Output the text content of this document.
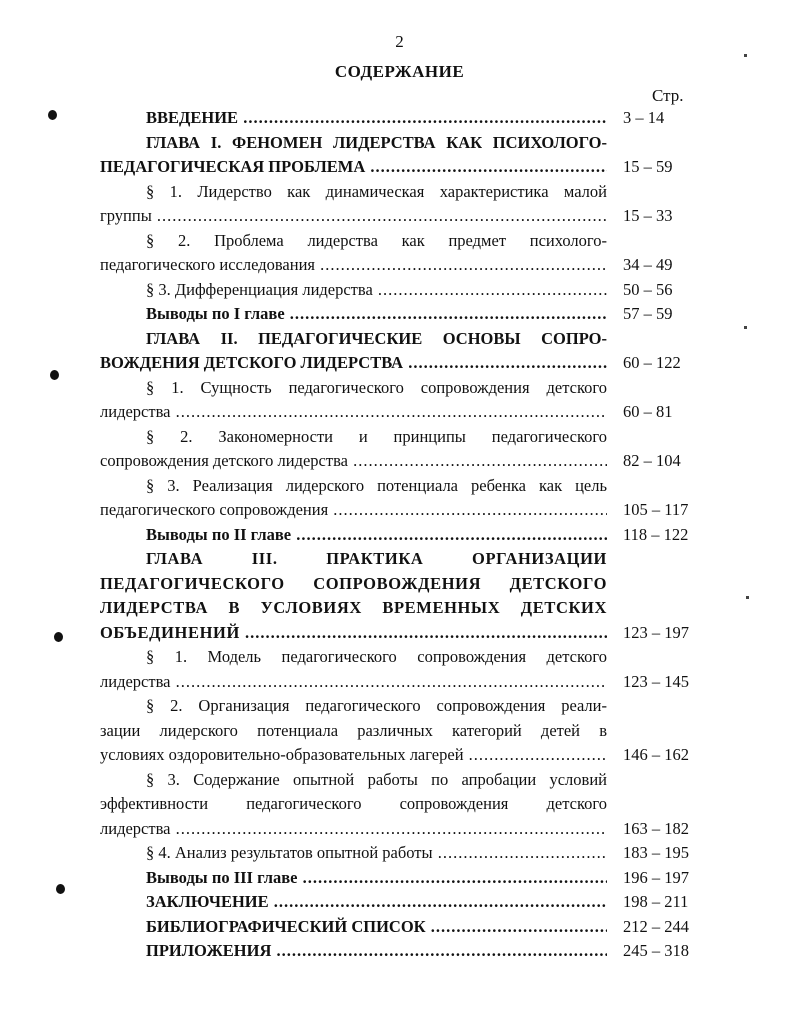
2
СОДЕРЖАНИЕ
Стр.
ВВЕДЕНИЕ .....	3 – 14
ГЛАВА I. ФЕНОМЕН ЛИДЕРСТВА КАК ПСИХОЛОГО-
ПЕДАГОГИЧЕСКАЯ ПРОБЛЕМА .....	15 – 59
§ 1. Лидерство как динамическая характеристика малой
группы .....	15 – 33
§ 2. Проблема лидерства как предмет психолого-
педагогического исследования .....	34 – 49
§ 3. Дифференциация лидерства .....	50 – 56
Выводы по I главе .....	57 – 59
ГЛАВА II. ПЕДАГОГИЧЕСКИЕ ОСНОВЫ СОПРО-
ВОЖДЕНИЯ ДЕТСКОГО ЛИДЕРСТВА .....	60 – 122
§ 1. Сущность педагогического сопровождения детского
лидерства .....	60 – 81
§ 2. Закономерности и принципы педагогического
сопровождения детского лидерства .....	82 – 104
§ 3. Реализация лидерского потенциала ребенка как цель
педагогического сопровождения .....	105 – 117
Выводы по II главе .....	118 – 122
ГЛАВА III. ПРАКТИКА ОРГАНИЗАЦИИ
ПЕДАГОГИЧЕСКОГО СОПРОВОЖДЕНИЯ ДЕТСКОГО
ЛИДЕРСТВА В УСЛОВИЯХ ВРЕМЕННЫХ ДЕТСКИХ
ОБЪЕДИНЕНИЙ .....	123 – 197
§ 1. Модель педагогического сопровождения детского
лидерства .....	123 – 145
§ 2. Организация педагогического сопровождения реали-
зации лидерского потенциала различных категорий детей в
условиях оздоровительно-образовательных лагерей .....	146 – 162
§ 3. Содержание опытной работы по апробации условий
эффективности педагогического сопровождения детского
лидерства .....	163 – 182
§ 4. Анализ результатов опытной работы .....	183 – 195
Выводы по III главе .....	196 – 197
ЗАКЛЮЧЕНИЕ .....	198 – 211
БИБЛИОГРАФИЧЕСКИЙ СПИСОК .....	212 – 244
ПРИЛОЖЕНИЯ .....	245 – 318
